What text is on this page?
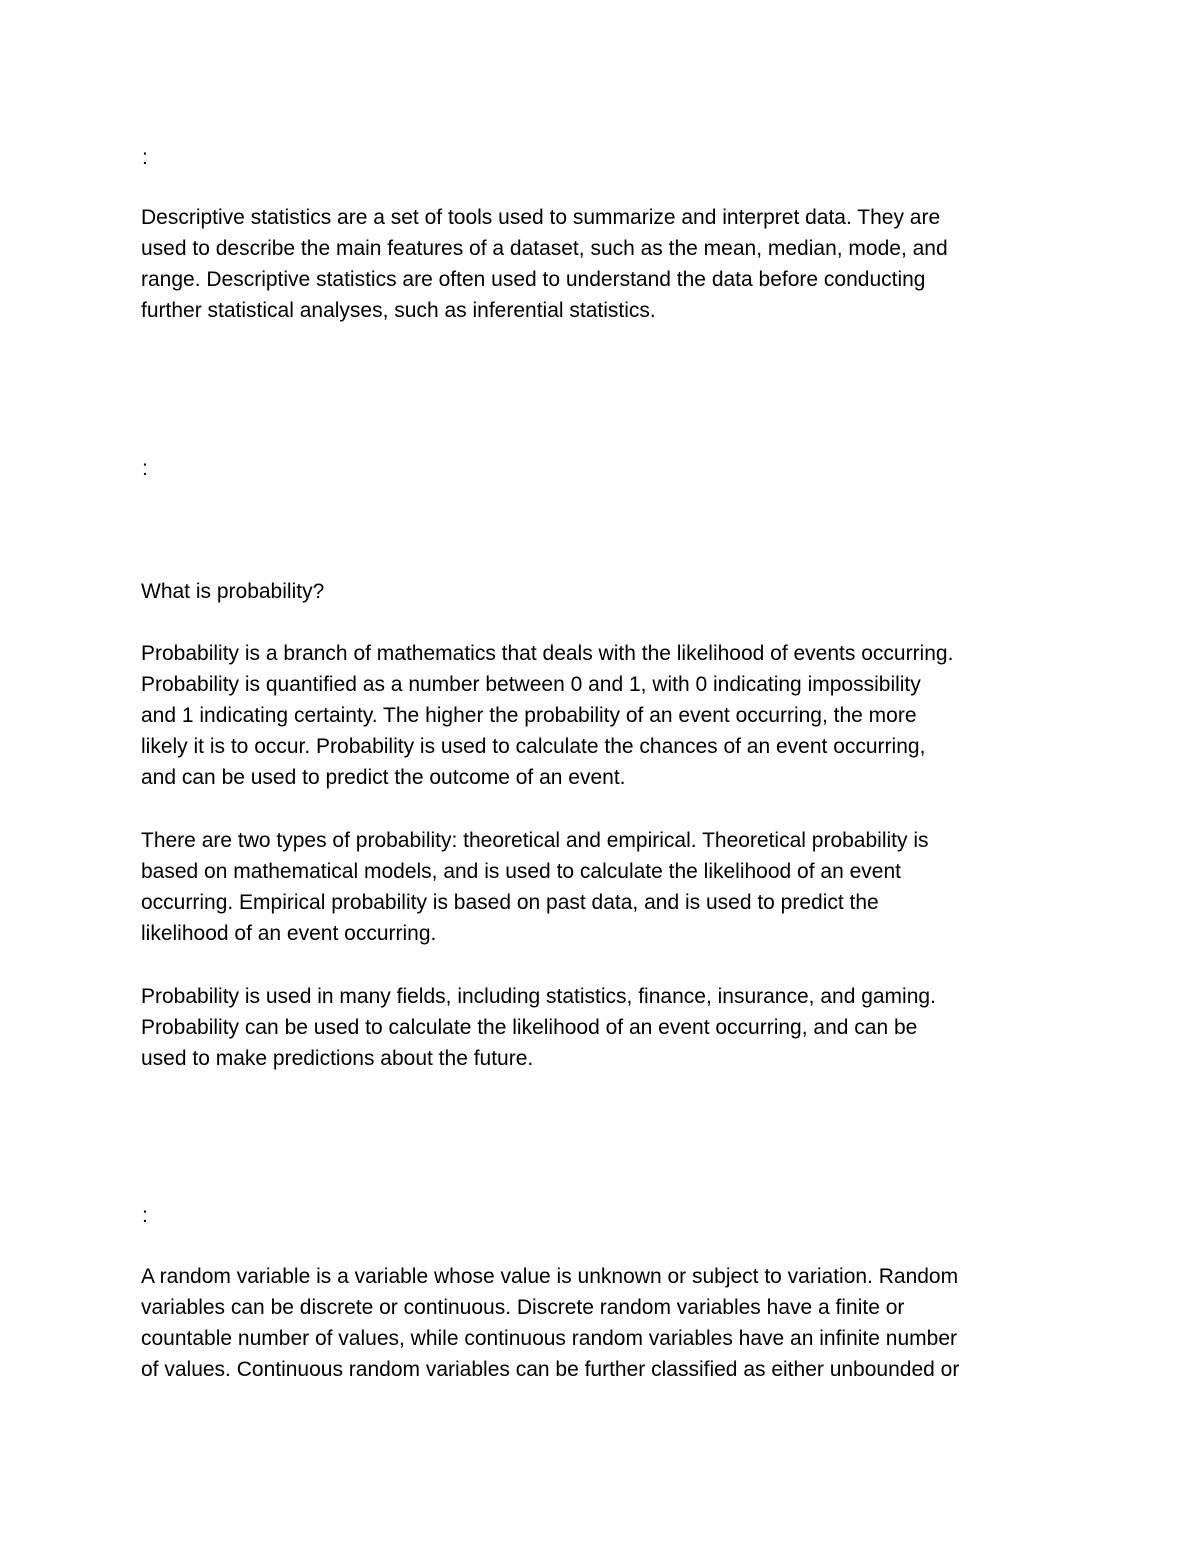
:

Descriptive statistics are a set of tools used to summarize and interpret data. They are
used to describe the main features of a dataset, such as the mean, median, mode, and
range. Descriptive statistics are often used to understand the data before conducting
further statistical analyses, such as inferential statistics.

:

What is probability?

Probability is a branch of mathematics that deals with the likelihood of events occurring.
Probability is quantified as a number between 0 and 1, with 0 indicating impossibility
and 1 indicating certainty. The higher the probability of an event occurring, the more
likely it is to occur. Probability is used to calculate the chances of an event occurring,
and can be used to predict the outcome of an event.

There are two types of probability: theoretical and empirical. Theoretical probability is
based on mathematical models, and is used to calculate the likelihood of an event
occurring. Empirical probability is based on past data, and is used to predict the
likelihood of an event occurring.

Probability is used in many fields, including statistics, finance, insurance, and gaming.
Probability can be used to calculate the likelihood of an event occurring, and can be
used to make predictions about the future.

:

A random variable is a variable whose value is unknown or subject to variation. Random
variables can be discrete or continuous. Discrete random variables have a finite or
countable number of values, while continuous random variables have an infinite number
of values. Continuous random variables can be further classified as either unbounded or
